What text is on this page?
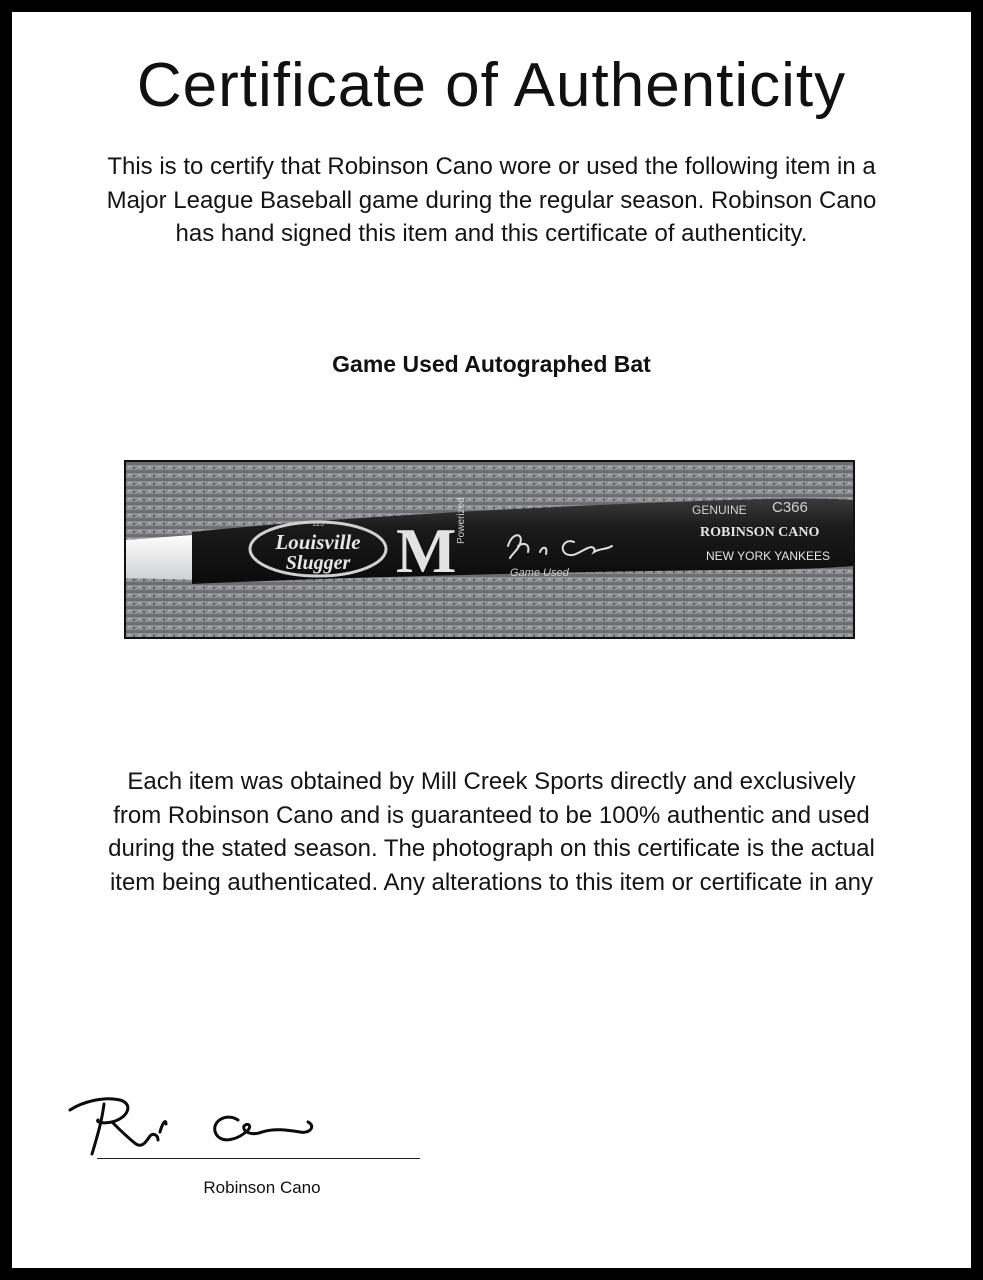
Certificate of Authenticity
This is to certify that Robinson Cano wore or used the following item in a
Major League Baseball game during the regular season. Robinson Cano
has hand signed this item and this certificate of authenticity.
Game Used Autographed Bat
125
Louisville
Slugger M Powerized
Game Used
GENUINE C366
ROBINSON CANO
NEW YORK YANKEES
Each item was obtained by Mill Creek Sports directly and exclusively
from Robinson Cano and is guaranteed to be 100% authentic and used
during the stated season. The photograph on this certificate is the actual
item being authenticated. Any alterations to this item or certificate in any
Robinson Cano
